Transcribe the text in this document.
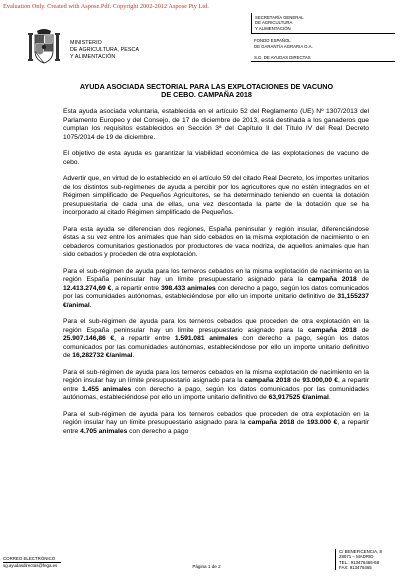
Evaluation Only. Created with Aspose.Pdf. Copyright 2002-2012 Aspose Pty Ltd.
MINISTERIO
DE AGRICULTURA, PESCA
Y ALIMENTACIÓN
SECRETARÍA GENERAL
DE AGRICULTURA
Y ALIMENTACIÓN
FONDO ESPAÑOL
DE GARANTÍA AGRARIA O.A.
S.G. DE AYUDAS DIRECTAS
AYUDA ASOCIADA SECTORIAL PARA LAS EXPLOTACIONES DE VACUNO
DE CEBO. CAMPAÑA 2018

Esta ayuda asociada voluntaria, establecida en el artículo 52 del Reglamento (UE) Nº 1307/2013 del Parlamento Europeo y del Consejo, de 17 de diciembre de 2013, está destinada a los ganaderos que cumplan los requisitos establecidos en Sección 3ª del Capítulo II del Título IV del Real Decreto 1075/2014 de 19 de diciembre.

El objetivo de esta ayuda es garantizar la viabilidad económica de las explotaciones de vacuno de cebo.

Advertir que, en virtud de lo establecido en el artículo 59 del citado Real Decreto, los importes unitarios de los distintos sub-regímenes de ayuda a percibir por los agricultores que no estén integrados en el Régimen simplificado de Pequeños Agricultores, se ha determinado teniendo en cuenta la dotación presupuestaria de cada una de ellas, una vez descontada la parte de la dotación que se ha incorporado al citado Régimen simplificado de Pequeños.

Para esta ayuda se diferencian dos regiones, España peninsular y región insular, diferenciándose éstas a su vez entre los animales que han sido cebados en la misma explotación de nacimiento o en cebaderos comunitarios gestionados por productores de vaca nodriza, de aquellos animales que han sido cebados y proceden de otra explotación.

Para el sub-régimen de ayuda para los terneros cebados en la misma explotación de nacimiento en la región España peninsular hay un límite presupuestario asignado para la campaña 2018 de 12.413.274,69 €, a repartir entre 398.433 animales con derecho a pago, según los datos comunicados por las comunidades autónomas, estableciéndose por ello un importe unitario definitivo de 31,155237 €/animal.

Para el sub-régimen de ayuda para los terneros cebados que proceden de otra explotación en la región España peninsular hay un límite presupuestario asignado para la campaña 2018 de 25.907.146,86 €, a repartir entre 1.591.081 animales con derecho a pago, según los datos comunicados por las comunidades autónomas, estableciéndose por ello un importe unitario definitivo de 16,282732 €/animal.

Para el sub-régimen de ayuda para los terneros cebados en la misma explotación de nacimiento en la región insular hay un límite presupuestario asignado para la campaña 2018 de 93.000,00 €, a repartir entre 1.455 animales con derecho a pago, según los datos comunicados por las comunidades autónomas, estableciéndose por ello un importe unitario definitivo de 63,917525 €/animal.

Para el sub-régimen de ayuda para los terneros cebados que proceden de otra explotación en la región insular hay un límite presupuestario asignado para la campaña 2018 de 193.000 €, a repartir entre 4.705 animales con derecho a pago

CORREO ELECTRÓNICO
sg.ayudasdirectas@fega.es	Página 1 de 2
C/ BENEFICENCIA, 8
28071 – MADRID
TEL.: 913476466-68
FAX: 913476465
